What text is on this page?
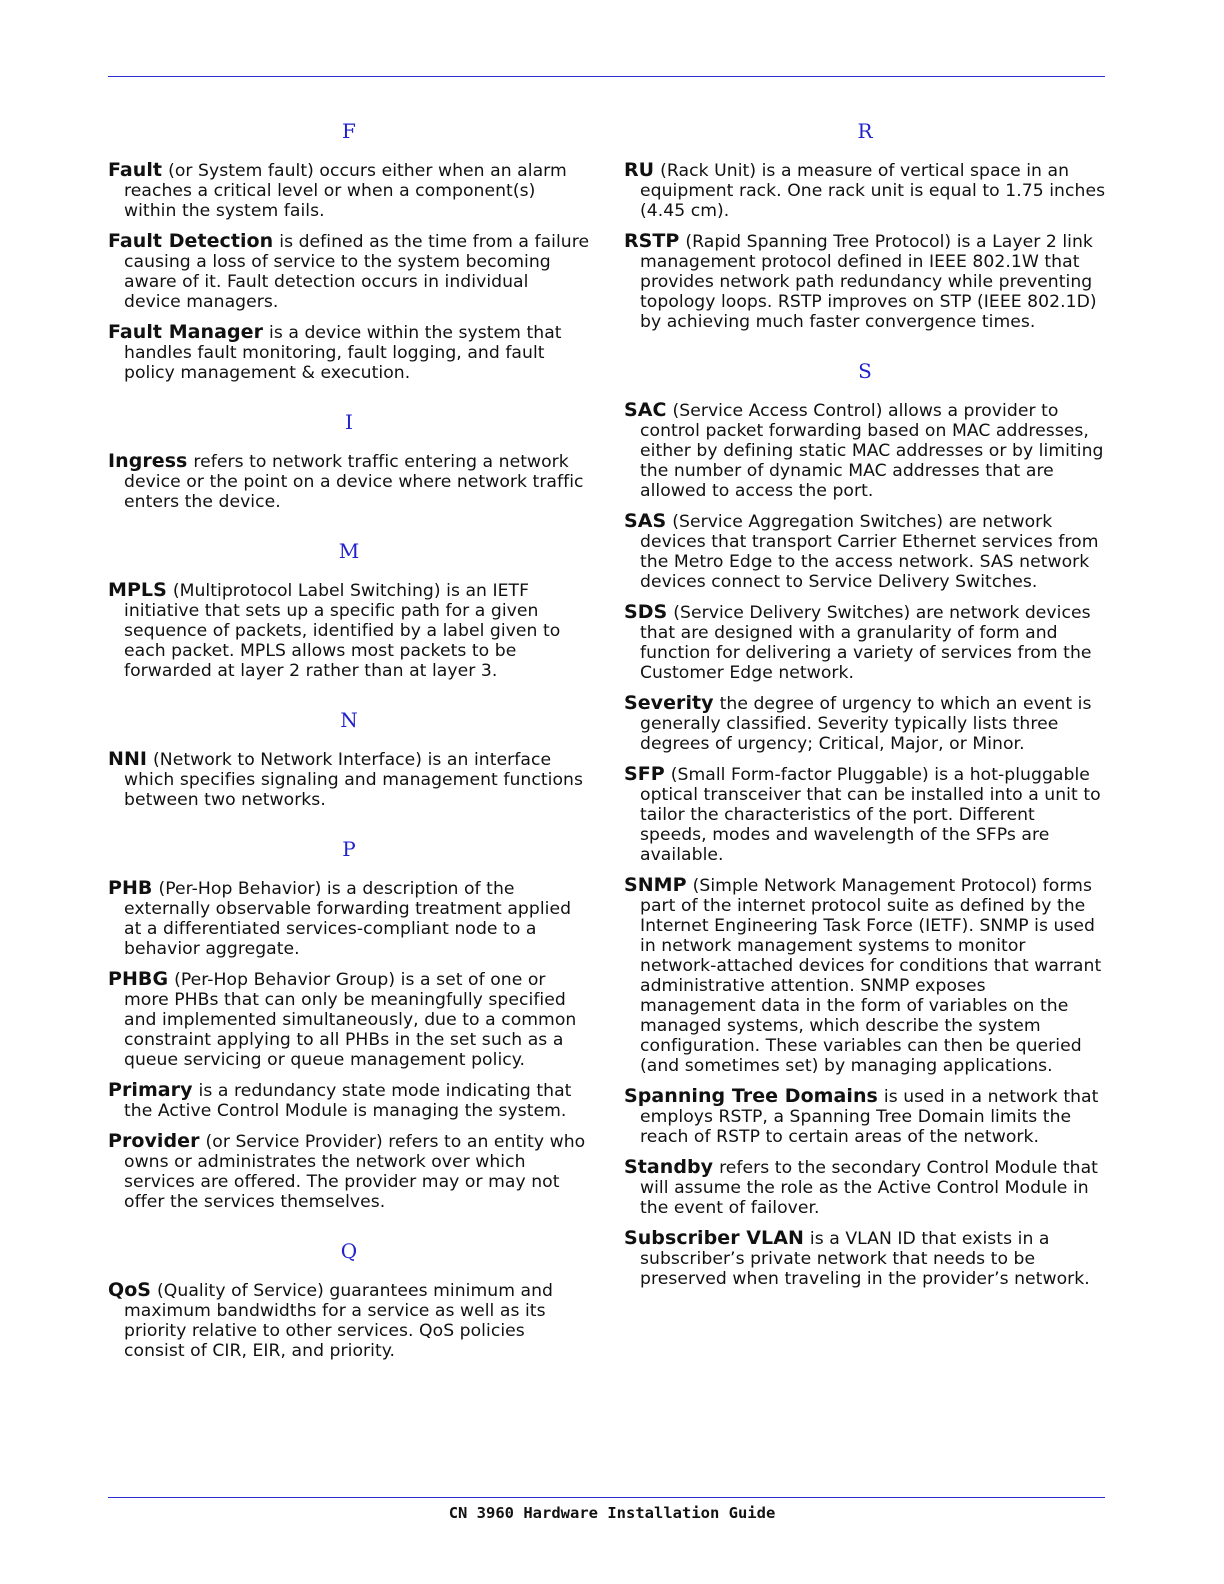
F

Fault (or System fault) occurs either when an alarm reaches a critical level or when a component(s) within the system fails.

Fault Detection is defined as the time from a failure causing a loss of service to the system becoming aware of it. Fault detection occurs in individual device managers.

Fault Manager is a device within the system that handles fault monitoring, fault logging, and fault policy management & execution.

I

Ingress refers to network traffic entering a network device or the point on a device where network traffic enters the device.

M

MPLS (Multiprotocol Label Switching) is an IETF initiative that sets up a specific path for a given sequence of packets, identified by a label given to each packet. MPLS allows most packets to be forwarded at layer 2 rather than at layer 3.

N

NNI (Network to Network Interface) is an interface which specifies signaling and management functions between two networks.

P

PHB (Per-Hop Behavior) is a description of the externally observable forwarding treatment applied at a differentiated services-compliant node to a behavior aggregate.

PHBG (Per-Hop Behavior Group) is a set of one or more PHBs that can only be meaningfully specified and implemented simultaneously, due to a common constraint applying to all PHBs in the set such as a queue servicing or queue management policy.

Primary is a redundancy state mode indicating that the Active Control Module is managing the system.

Provider (or Service Provider) refers to an entity who owns or administrates the network over which services are offered. The provider may or may not offer the services themselves.

Q

QoS (Quality of Service) guarantees minimum and maximum bandwidths for a service as well as its priority relative to other services. QoS policies consist of CIR, EIR, and priority.

R

RU (Rack Unit) is a measure of vertical space in an equipment rack. One rack unit is equal to 1.75 inches (4.45 cm).

RSTP (Rapid Spanning Tree Protocol) is a Layer 2 link management protocol defined in IEEE 802.1W that provides network path redundancy while preventing topology loops. RSTP improves on STP (IEEE 802.1D) by achieving much faster convergence times.

S

SAC (Service Access Control) allows a provider to control packet forwarding based on MAC addresses, either by defining static MAC addresses or by limiting the number of dynamic MAC addresses that are allowed to access the port.

SAS (Service Aggregation Switches) are network devices that transport Carrier Ethernet services from the Metro Edge to the access network. SAS network devices connect to Service Delivery Switches.

SDS (Service Delivery Switches) are network devices that are designed with a granularity of form and function for delivering a variety of services from the Customer Edge network.

Severity the degree of urgency to which an event is generally classified. Severity typically lists three degrees of urgency; Critical, Major, or Minor.

SFP (Small Form-factor Pluggable) is a hot-pluggable optical transceiver that can be installed into a unit to tailor the characteristics of the port. Different speeds, modes and wavelength of the SFPs are available.

SNMP (Simple Network Management Protocol) forms part of the internet protocol suite as defined by the Internet Engineering Task Force (IETF). SNMP is used in network management systems to monitor network-attached devices for conditions that warrant administrative attention. SNMP exposes management data in the form of variables on the managed systems, which describe the system configuration. These variables can then be queried (and sometimes set) by managing applications.

Spanning Tree Domains is used in a network that employs RSTP, a Spanning Tree Domain limits the reach of RSTP to certain areas of the network.

Standby refers to the secondary Control Module that will assume the role as the Active Control Module in the event of failover.

Subscriber VLAN is a VLAN ID that exists in a subscriber’s private network that needs to be preserved when traveling in the provider’s network.

CN 3960 Hardware Installation Guide
